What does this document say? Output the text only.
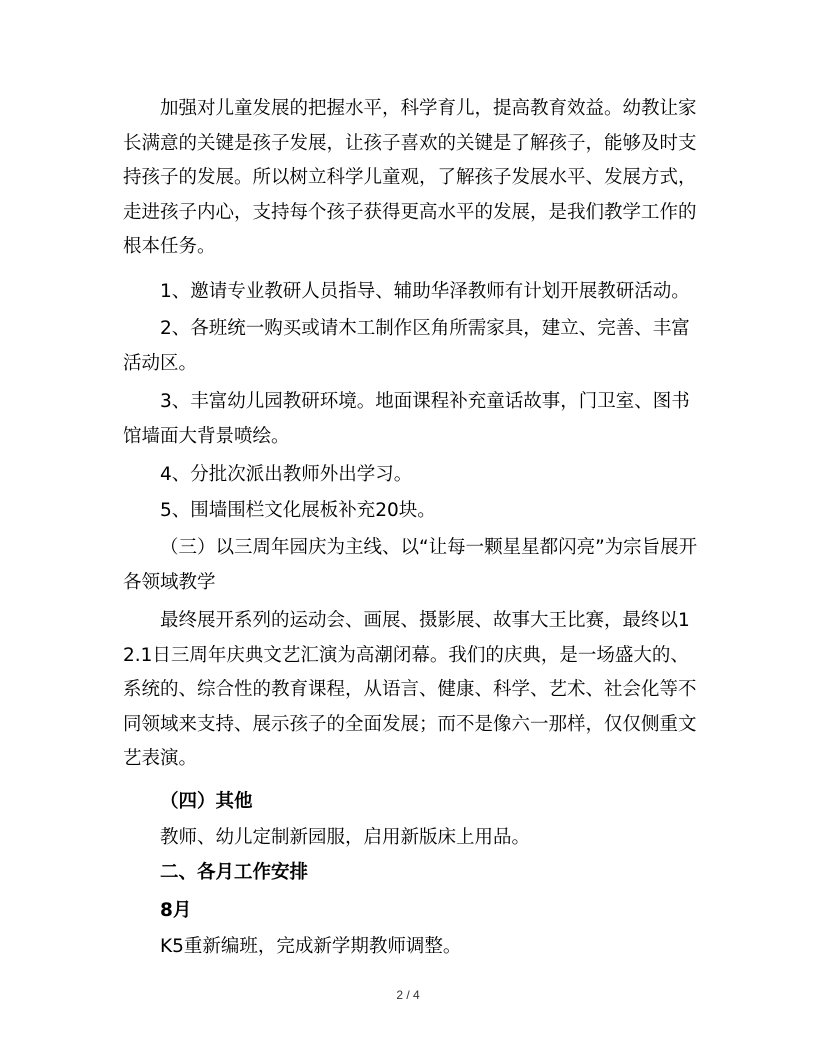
加强对儿童发展的把握水平，科学育儿，提高教育效益。幼教让家长满意的关键是孩子发展，让孩子喜欢的关键是了解孩子，能够及时支持孩子的发展。所以树立科学儿童观，了解孩子发展水平、发展方式，走进孩子内心，支持每个孩子获得更高水平的发展，是我们教学工作的根本任务。

1、邀请专业教研人员指导、辅助华泽教师有计划开展教研活动。

2、各班统一购买或请木工制作区角所需家具，建立、完善、丰富活动区。

3、丰富幼儿园教研环境。地面课程补充童话故事，门卫室、图书馆墙面大背景喷绘。

4、分批次派出教师外出学习。

5、围墙围栏文化展板补充20块。

（三）以三周年园庆为主线、以“让每一颗星星都闪亮”为宗旨展开各领域教学

最终展开系列的运动会、画展、摄影展、故事大王比赛，最终以12.1日三周年庆典文艺汇演为高潮闭幕。我们的庆典，是一场盛大的、系统的、综合性的教育课程，从语言、健康、科学、艺术、社会化等不同领域来支持、展示孩子的全面发展；而不是像六一那样，仅仅侧重文艺表演。

（四）其他

教师、幼儿定制新园服，启用新版床上用品。

二、各月工作安排

8月

K5重新编班，完成新学期教师调整。

2 / 4
